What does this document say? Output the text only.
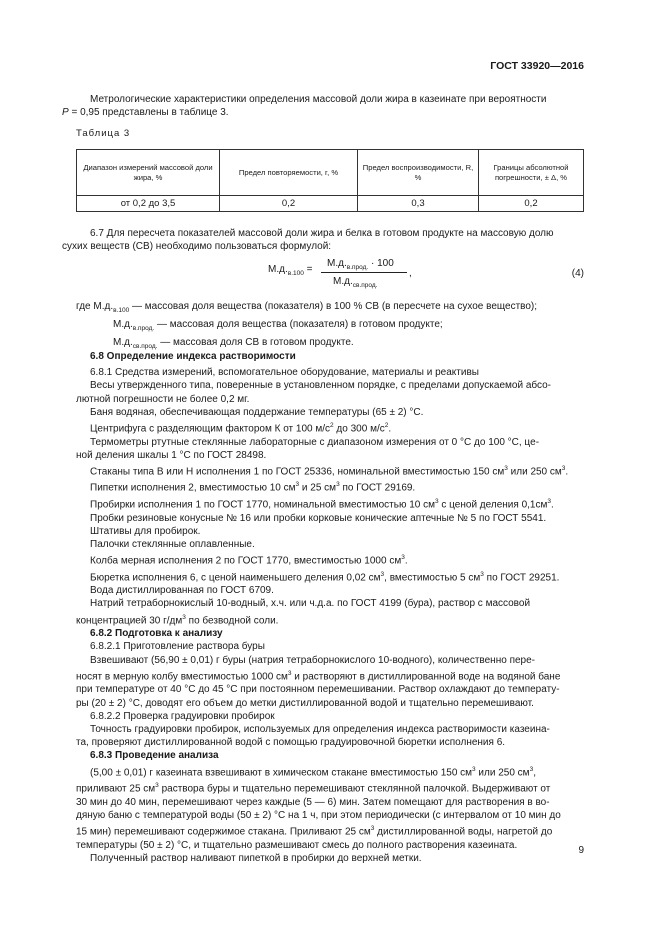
ГОСТ 33920—2016
Метрологические характеристики определения массовой доли жира в казеинате при вероятности
P = 0,95 представлены в таблице 3.
Таблица 3
Диапазон измерений массовой доли жира, %	Предел повторяемости, r, %	Предел воспроизводимости, R, %	Границы абсолютной погрешности, ± Δ, %
от 0,2 до 3,5	0,2	0,3	0,2
6.7 Для пересчета показателей массовой доли жира и белка в готовом продукте на массовую долю
сухих веществ (СВ) необходимо пользоваться формулой:
$М.д._{в.100}$ =
$М.д._{в.прод.} \cdot 100$
$М.д._{св.прод.}$
,	(4)
где $М.д._{в.100}$ — массовая доля вещества (показателя) в 100 % СВ (в пересчете на сухое вещество);
$М.д._{в.прод.}$ — массовая доля вещества (показателя) в готовом продукте;
$М.д._{св.прод.}$ — массовая доля СВ в готовом продукте.
6.8 Определение индекса растворимости
6.8.1 Средства измерений, вспомогательное оборудование, материалы и реактивы
Весы утвержденного типа, поверенные в установленном порядке, с пределами допускаемой абсо-
лютной погрешности не более 0,2 мг.
Баня водяная, обеспечивающая поддержание температуры (65 ± 2) °С.
Центрифуга с разделяющим фактором К от 100 $м/с^2$ до 300 $м/с^2$.
Термометры ртутные стеклянные лабораторные с диапазоном измерения от 0 °С до 100 °С, цe-
ной деления шкалы 1 °С по ГОСТ 28498.
Стаканы типа В или Н исполнения 1 по ГОСТ 25336, номинальной вместимостью 150 $см^3$ или 250 $см^3$.
Пипетки исполнения 2, вместимостью 10 $см^3$ и 25 $см^3$ по ГОСТ 29169.
Пробирки исполнения 1 по ГОСТ 1770, номинальной вместимостью 10 $см^3$ с ценой деления $0,1см^3$.
Пробки резиновые конусные № 16 или пробки корковые конические аптечные № 5 по ГОСТ 5541.
Штативы для пробирок.
Палочки стеклянные оплавленные.
Колба мерная исполнения 2 по ГОСТ 1770, вместимостью 1000 $см^3$.
Бюретка исполнения 6, с ценой наименьшего деления 0,02 $см^3$, вместимостью 5 $см^3$ по ГОСТ 29251.
Вода дистиллированная по ГОСТ 6709.
Натрий тетраборнокислый 10-водный, х.ч. или ч.д.а. по ГОСТ 4199 (бура), раствор с массовой
концентрацией 30 $г/дм^3$ по безводной соли.
6.8.2 Подготовка к анализу
6.8.2.1 Приготовление раствора буры
Взвешивают (56,90 ± 0,01) г буры (натрия тетраборнокислого 10-водного), количественно пере-
носят в мерную колбу вместимостью 1000 $см^3$ и растворяют в дистиллированной воде на водяной бане
при температуре от 40 °С до 45 °С при постоянном перемешивании. Раствор охлаждают до температу-
ры (20 ± 2) °С, доводят его объем до метки дистиллированной водой и тщательно перемешивают.
6.8.2.2 Проверка градуировки пробирок
Точность градуировки пробирок, используемых для определения индекса растворимости казеина-
та, проверяют дистиллированной водой с помощью градуировочной бюретки исполнения 6.
6.8.3 Проведение анализа
(5,00 ± 0,01) г казеината взвешивают в химическом стакане вместимостью 150 $см^3$ или 250 $см^3$,
приливают 25 $см^3$ раствора буры и тщательно перемешивают стеклянной палочкой. Выдерживают от
30 мин до 40 мин, перемешивают через каждые (5 — 6) мин. Затем помещают для растворения в во-
дяную баню с температурой воды (50 ± 2) °С на 1 ч, при этом периодически (с интервалом от 10 мин до
15 мин) перемешивают содержимое стакана. Приливают 25 $см^3$ дистиллированной воды, нагретой до
температуры (50 ± 2) °С, и тщательно размешивают смесь до полного растворения казеината.
Полученный раствор наливают пипеткой в пробирки до верхней метки.
9
